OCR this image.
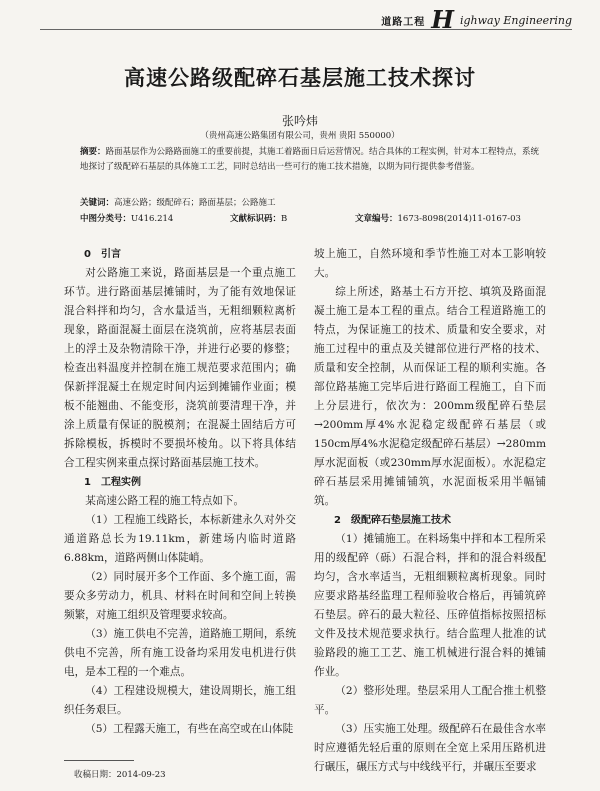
道路工程 H ighway Engineering
高速公路级配碎石基层施工技术探讨
张吟炜
（贵州高速公路集团有限公司，贵州 贵阳 550000）
摘要：路面基层作为公路路面施工的重要前提，其施工着路面日后运营情况。结合具体的工程实例，针对本工程特点，系统地探讨了级配碎石基层的具体施工工艺，同时总结出一些可行的施工技术措施，以期为同行提供参考借鉴。
关键词：高速公路；级配碎石；路面基层；公路施工
中图分类号：U416.214	文献标识码：B	文章编号：1673-8098(2014)11-0167-03

0　引言

对公路施工来说，路面基层是一个重点施工环节。进行路面基层摊铺时，为了能有效地保证混合料拌和均匀，含水量适当，无粗细颗粒离析现象，路面混凝土面层在浇筑前，应将基层表面上的浮土及杂物清除干净，并进行必要的修整；检查出料温度并控制在施工规范要求范围内；确保新拌混凝土在规定时间内运到摊铺作业面；模板不能翘曲、不能变形，浇筑前要清理干净，并涂上质量有保证的脱模剂；在混凝土固结后方可拆除模板，拆模时不要损坏棱角。以下将具体结合工程实例来重点探讨路面基层施工技术。

1　工程实例

某高速公路工程的施工特点如下。

（1）工程施工线路长，本标新建永久对外交通道路总长为19.11km，新建场内临时道路6.88km，道路两侧山体陡峭。

（2）同时展开多个工作面、多个施工面，需要众多劳动力，机具、材料在时间和空间上转换频繁，对施工组织及管理要求较高。

（3）施工供电不完善，道路施工期间，系统供电不完善，所有施工设备均采用发电机进行供电，是本工程的一个难点。

（4）工程建设规模大，建设周期长，施工组织任务艰巨。

（5）工程露天施工，有些在高空或在山体陡

坡上施工，自然环境和季节性施工对本工影响较大。

综上所述，路基土石方开挖、填筑及路面混凝土施工是本工程的重点。结合工程道路施工的特点，为保证施工的技术、质量和安全要求，对施工过程中的重点及关键部位进行严格的技术、质量和安全控制，从而保证工程的顺利实施。各部位路基施工完毕后进行路面工程施工，自下而上分层进行，依次为：200mm级配碎石垫层→200mm厚4%水泥稳定级配碎石基层（或150cm厚4%水泥稳定级配碎石基层）→280mm厚水泥面板（或230mm厚水泥面板）。水泥稳定碎石基层采用摊铺铺筑，水泥面板采用半幅铺筑。

2　级配碎石垫层施工技术

（1）摊铺施工。在料场集中拌和本工程所采用的级配碎（砾）石混合料，拌和的混合料级配均匀，含水率适当，无粗细颗粒离析现象。同时应要求路基经监理工程师验收合格后，再铺筑碎石垫层。碎石的最大粒径、压碎值指标按照招标文件及技术规范要求执行。结合监理人批准的试验路段的施工工艺、施工机械进行混合料的摊铺作业。

（2）整形处理。垫层采用人工配合推土机整平。

（3）压实施工处理。级配碎石在最佳含水率时应遵循先轻后重的原则在全宽上采用压路机进行碾压，碾压方式与中线线平行，并碾压至要求

收稿日期：2014-09-23
